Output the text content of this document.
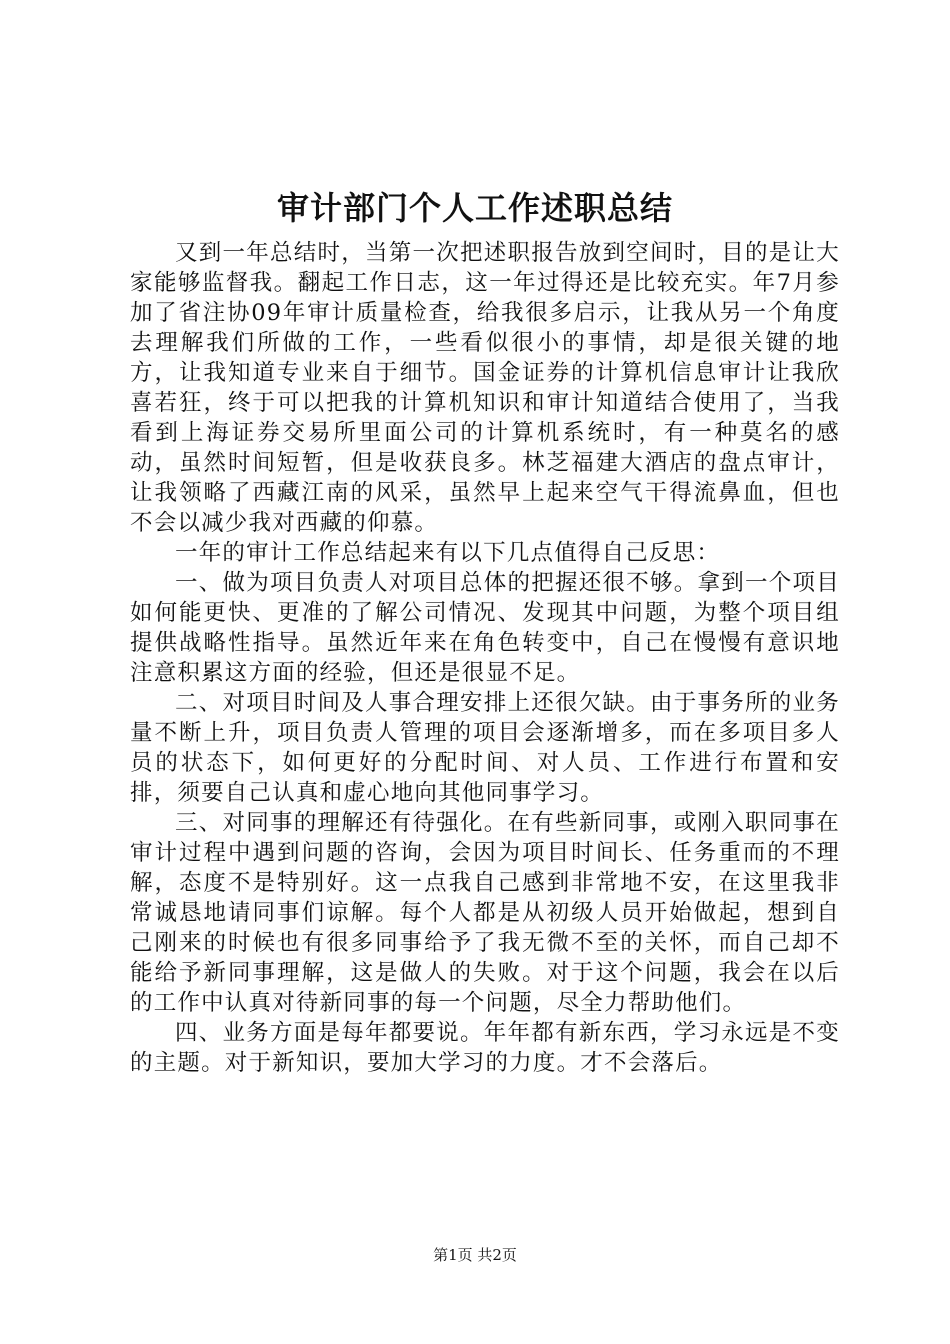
审计部门个人工作述职总结

又到一年总结时，当第一次把述职报告放到空间时，目的是让大家能够监督我。翻起工作日志，这一年过得还是比较充实。年7月参加了省注协09年审计质量检查，给我很多启示，让我从另一个角度去理解我们所做的工作，一些看似很小的事情，却是很关键的地方，让我知道专业来自于细节。国金证券的计算机信息审计让我欣喜若狂，终于可以把我的计算机知识和审计知道结合使用了，当我看到上海证券交易所里面公司的计算机系统时，有一种莫名的感动，虽然时间短暂，但是收获良多。林芝福建大酒店的盘点审计，让我领略了西藏江南的风采，虽然早上起来空气干得流鼻血，但也不会以减少我对西藏的仰慕。

一年的审计工作总结起来有以下几点值得自己反思：

一、做为项目负责人对项目总体的把握还很不够。拿到一个项目如何能更快、更准的了解公司情况、发现其中问题，为整个项目组提供战略性指导。虽然近年来在角色转变中，自己在慢慢有意识地注意积累这方面的经验，但还是很显不足。

二、对项目时间及人事合理安排上还很欠缺。由于事务所的业务量不断上升，项目负责人管理的项目会逐渐增多，而在多项目多人员的状态下，如何更好的分配时间、对人员、工作进行布置和安排，须要自己认真和虚心地向其他同事学习。

三、对同事的理解还有待强化。在有些新同事，或刚入职同事在审计过程中遇到问题的咨询，会因为项目时间长、任务重而的不理解，态度不是特别好。这一点我自己感到非常地不安，在这里我非常诚恳地请同事们谅解。每个人都是从初级人员开始做起，想到自己刚来的时候也有很多同事给予了我无微不至的关怀，而自己却不能给予新同事理解，这是做人的失败。对于这个问题，我会在以后的工作中认真对待新同事的每一个问题，尽全力帮助他们。

四、业务方面是每年都要说。年年都有新东西，学习永远是不变的主题。对于新知识，要加大学习的力度。才不会落后。

第1页 共2页
